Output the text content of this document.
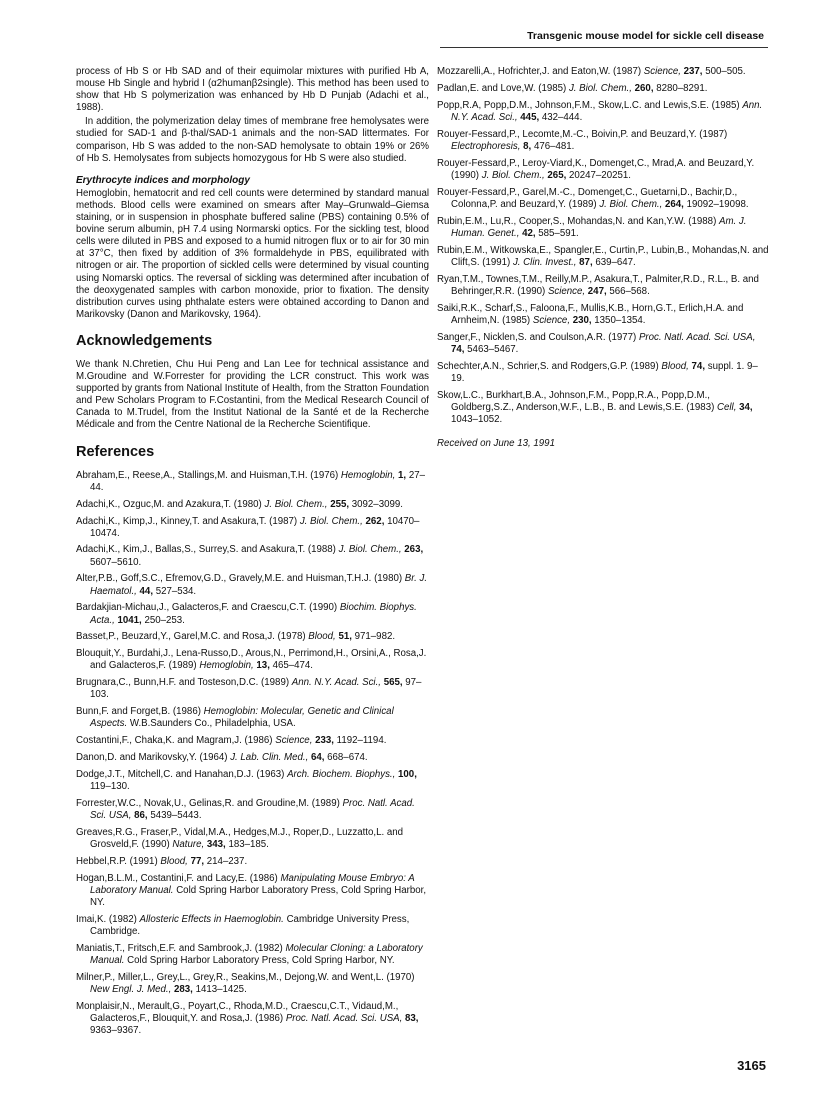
Transgenic mouse model for sickle cell disease

process of Hb S or Hb SAD and of their equimolar mixtures with purified Hb A, mouse Hb Single and hybrid I (α2humanβ2single). This method has been used to show that Hb S polymerization was enhanced by Hb D Punjab (Adachi et al., 1988).

In addition, the polymerization delay times of membrane free hemolysates were studied for SAD-1 and β-thal/SAD-1 animals and the non-SAD littermates. For comparison, Hb S was added to the non-SAD hemolysate to obtain 19% or 26% of Hb S. Hemolysates from subjects homozygous for Hb S were also studied.

Erythrocyte indices and morphology

Hemoglobin, hematocrit and red cell counts were determined by standard manual methods. Blood cells were examined on smears after May–Grunwald–Giemsa staining, or in suspension in phosphate buffered saline (PBS) containing 0.5% of bovine serum albumin, pH 7.4 using Normarski optics. For the sickling test, blood cells were diluted in PBS and exposed to a humid nitrogen flux or to air for 30 min at 37°C, then fixed by addition of 3% formaldehyde in PBS, equilibrated with nitrogen or air. The proportion of sickled cells were determined by visual counting using Nomarski optics. The reversal of sickling was determined after incubation of the deoxygenated samples with carbon monoxide, prior to fixation. The density distribution curves using phthalate esters were obtained according to Danon and Marikovsky (Danon and Marikovsky, 1964).

Acknowledgements

We thank N.Chretien, Chu Hui Peng and Lan Lee for technical assistance and M.Groudine and W.Forrester for providing the LCR construct. This work was supported by grants from National Institute of Health, from the Stratton Foundation and Pew Scholars Program to F.Costantini, from the Medical Research Council of Canada to M.Trudel, from the Institut National de la Santé et de la Recherche Médicale and from the Centre National de la Recherche Scientifique.

References
Abraham,E., Reese,A., Stallings,M. and Huisman,T.H. (1976) Hemoglobin, 1, 27–44.
Adachi,K., Ozguc,M. and Azakura,T. (1980) J. Biol. Chem., 255, 3092–3099.
Adachi,K., Kimp,J., Kinney,T. and Asakura,T. (1987) J. Biol. Chem., 262, 10470–10474.
Adachi,K., Kim,J., Ballas,S., Surrey,S. and Asakura,T. (1988) J. Biol. Chem., 263, 5607–5610.
Alter,P.B., Goff,S.C., Efremov,G.D., Gravely,M.E. and Huisman,T.H.J. (1980) Br. J. Haematol., 44, 527–534.
Bardakjian-Michau,J., Galacteros,F. and Craescu,C.T. (1990) Biochim. Biophys. Acta., 1041, 250–253.
Basset,P., Beuzard,Y., Garel,M.C. and Rosa,J. (1978) Blood, 51, 971–982.
Blouquit,Y., Burdahi,J., Lena-Russo,D., Arous,N., Perrimond,H., Orsini,A., Rosa,J. and Galacteros,F. (1989) Hemoglobin, 13, 465–474.
Brugnara,C., Bunn,H.F. and Tosteson,D.C. (1989) Ann. N.Y. Acad. Sci., 565, 97–103.
Bunn,F. and Forget,B. (1986) Hemoglobin: Molecular, Genetic and Clinical Aspects. W.B.Saunders Co., Philadelphia, USA.
Costantini,F., Chaka,K. and Magram,J. (1986) Science, 233, 1192–1194.
Danon,D. and Marikovsky,Y. (1964) J. Lab. Clin. Med., 64, 668–674.
Dodge,J.T., Mitchell,C. and Hanahan,D.J. (1963) Arch. Biochem. Biophys., 100, 119–130.
Forrester,W.C., Novak,U., Gelinas,R. and Groudine,M. (1989) Proc. Natl. Acad. Sci. USA, 86, 5439–5443.
Greaves,R.G., Fraser,P., Vidal,M.A., Hedges,M.J., Roper,D., Luzzatto,L. and Grosveld,F. (1990) Nature, 343, 183–185.
Hebbel,R.P. (1991) Blood, 77, 214–237.
Hogan,B.L.M., Costantini,F. and Lacy,E. (1986) Manipulating Mouse Embryo: A Laboratory Manual. Cold Spring Harbor Laboratory Press, Cold Spring Harbor, NY.
Imai,K. (1982) Allosteric Effects in Haemoglobin. Cambridge University Press, Cambridge.
Maniatis,T., Fritsch,E.F. and Sambrook,J. (1982) Molecular Cloning: a Laboratory Manual. Cold Spring Harbor Laboratory Press, Cold Spring Harbor, NY.
Milner,P., Miller,L., Grey,L., Grey,R., Seakins,M., Dejong,W. and Went,L. (1970) New Engl. J. Med., 283, 1413–1425.
Monplaisir,N., Merault,G., Poyart,C., Rhoda,M.D., Craescu,C.T., Vidaud,M., Galacteros,F., Blouquit,Y. and Rosa,J. (1986) Proc. Natl. Acad. Sci. USA, 83, 9363–9367.
Mozzarelli,A., Hofrichter,J. and Eaton,W. (1987) Science, 237, 500–505.
Padlan,E. and Love,W. (1985) J. Biol. Chem., 260, 8280–8291.
Popp,R.A, Popp,D.M., Johnson,F.M., Skow,L.C. and Lewis,S.E. (1985) Ann. N.Y. Acad. Sci., 445, 432–444.
Rouyer-Fessard,P., Lecomte,M.-C., Boivin,P. and Beuzard,Y. (1987) Electrophoresis, 8, 476–481.
Rouyer-Fessard,P., Leroy-Viard,K., Domenget,C., Mrad,A. and Beuzard,Y. (1990) J. Biol. Chem., 265, 20247–20251.
Rouyer-Fessard,P., Garel,M.-C., Domenget,C., Guetarni,D., Bachir,D., Colonna,P. and Beuzard,Y. (1989) J. Biol. Chem., 264, 19092–19098.
Rubin,E.M., Lu,R., Cooper,S., Mohandas,N. and Kan,Y.W. (1988) Am. J. Human. Genet., 42, 585–591.
Rubin,E.M., Witkowska,E., Spangler,E., Curtin,P., Lubin,B., Mohandas,N. and Clift,S. (1991) J. Clin. Invest., 87, 639–647.
Ryan,T.M., Townes,T.M., Reilly,M.P., Asakura,T., Palmiter,R.D., R.L., B. and Behringer,R.R. (1990) Science, 247, 566–568.
Saiki,R.K., Scharf,S., Faloona,F., Mullis,K.B., Horn,G.T., Erlich,H.A. and Arnheim,N. (1985) Science, 230, 1350–1354.
Sanger,F., Nicklen,S. and Coulson,A.R. (1977) Proc. Natl. Acad. Sci. USA, 74, 5463–5467.
Schechter,A.N., Schrier,S. and Rodgers,G.P. (1989) Blood, 74, suppl. 1. 9–19.
Skow,L.C., Burkhart,B.A., Johnson,F.M., Popp,R.A., Popp,D.M., Goldberg,S.Z., Anderson,W.F., L.B., B. and Lewis,S.E. (1983) Cell, 34, 1043–1052.
Received on June 13, 1991
3165
